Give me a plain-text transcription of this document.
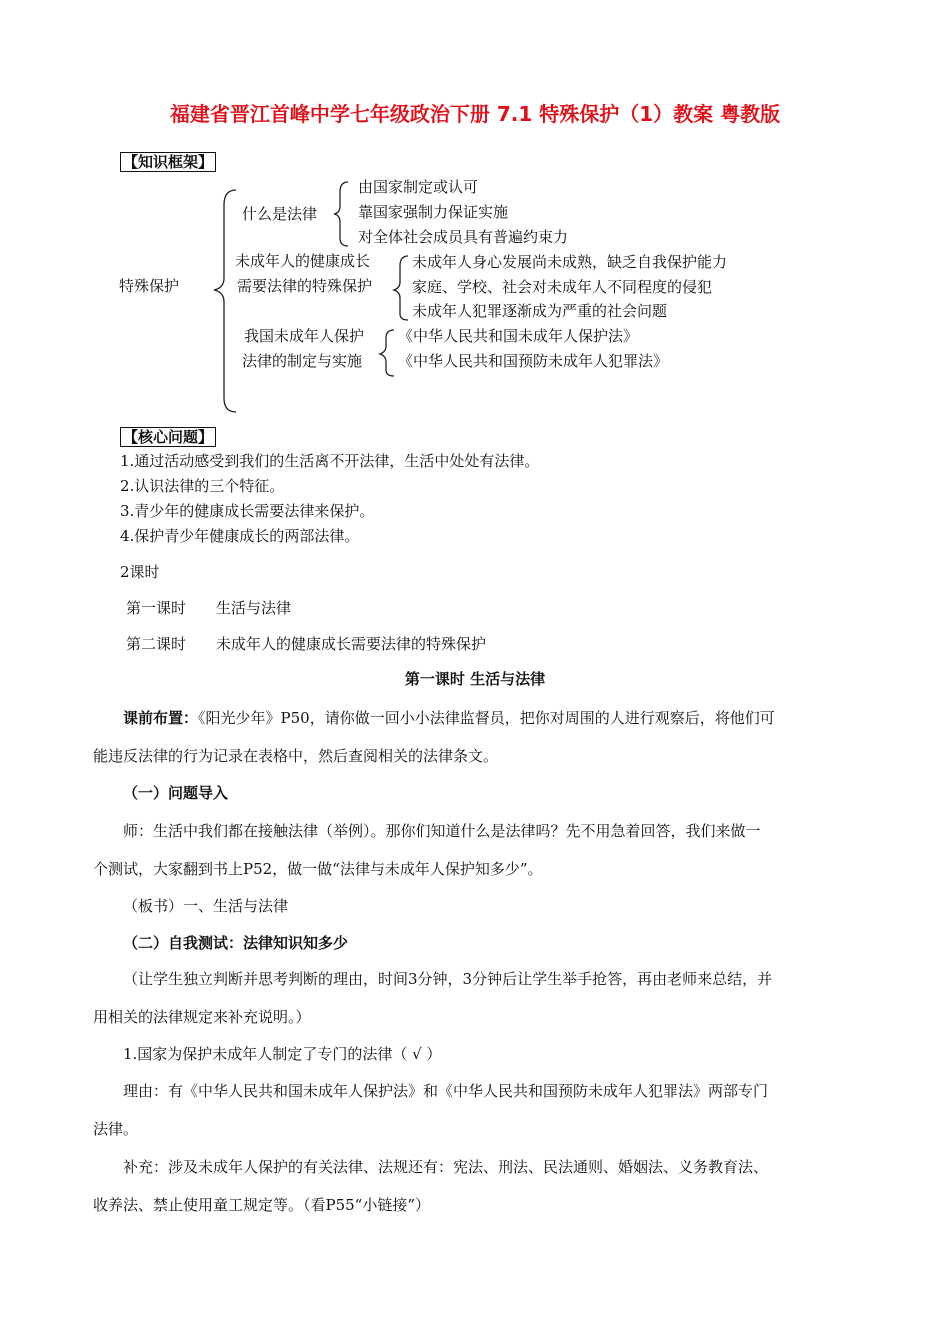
福建省晋江首峰中学七年级政治下册 7.1 特殊保护（1）教案 粤教版
【知识框架】
特殊保护
什么是法律
由国家制定或认可
靠国家强制力保证实施
对全体社会成员具有普遍约束力
未成年人的健康成长
需要法律的特殊保护
未成年人身心发展尚未成熟，缺乏自我保护能力
家庭、学校、社会对未成年人不同程度的侵犯
未成年人犯罪逐渐成为严重的社会问题
我国未成年人保护
法律的制定与实施
《中华人民共和国未成年人保护法》
《中华人民共和国预防未成年人犯罪法》
【核心问题】
1.通过活动感受到我们的生活离不开法律，生活中处处有法律。
2.认识法律的三个特征。
3.青少年的健康成长需要法律来保护。
4.保护青少年健康成长的两部法律。
2课时
第一课时 生活与法律
第二课时 未成年人的健康成长需要法律的特殊保护
第一课时 生活与法律
课前布置：《阳光少年》P50，请你做一回小小法律监督员，把你对周围的人进行观察后，将他们可
能违反法律的行为记录在表格中，然后查阅相关的法律条文。
（一）问题导入
师：生活中我们都在接触法律（举例）。那你们知道什么是法律吗？先不用急着回答，我们来做一
个测试，大家翻到书上P52，做一做“法律与未成年人保护知多少”。
（板书）一、生活与法律
（二）自我测试：法律知识知多少
（让学生独立判断并思考判断的理由，时间3分钟，3分钟后让学生举手抢答，再由老师来总结，并
用相关的法律规定来补充说明。）
1.国家为保护未成年人制定了专门的法律（ √ ）
理由：有《中华人民共和国未成年人保护法》和《中华人民共和国预防未成年人犯罪法》两部专门
法律。
补充：涉及未成年人保护的有关法律、法规还有：宪法、刑法、民法通则、婚姻法、义务教育法、
收养法、禁止使用童工规定等。（看P55“小链接”）
